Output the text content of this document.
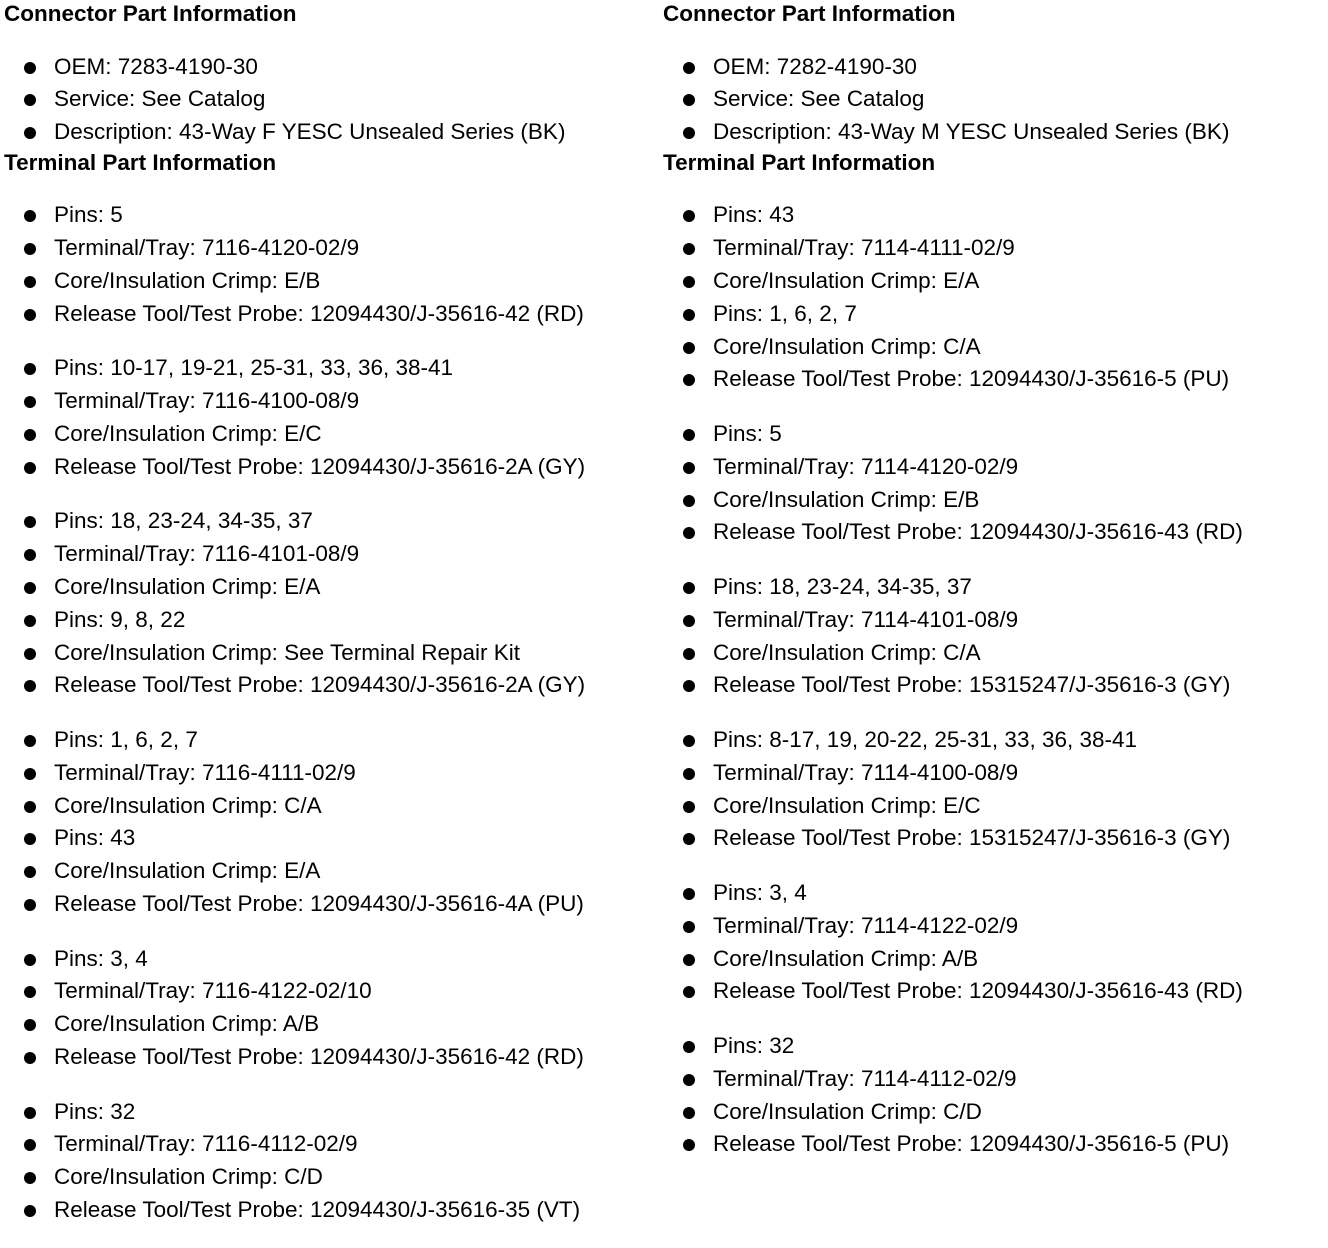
Connector Part Information
OEM: 7283-4190-30
Service: See Catalog
Description: 43-Way F YESC Unsealed Series (BK)
Terminal Part Information
Pins: 5
Terminal/Tray: 7116-4120-02/9
Core/Insulation Crimp: E/B
Release Tool/Test Probe: 12094430/J-35616-42 (RD)
Pins: 10-17, 19-21, 25-31, 33, 36, 38-41
Terminal/Tray: 7116-4100-08/9
Core/Insulation Crimp: E/C
Release Tool/Test Probe: 12094430/J-35616-2A (GY)
Pins: 18, 23-24, 34-35, 37
Terminal/Tray: 7116-4101-08/9
Core/Insulation Crimp: E/A
Pins: 9, 8, 22
Core/Insulation Crimp: See Terminal Repair Kit
Release Tool/Test Probe: 12094430/J-35616-2A (GY)
Pins: 1, 6, 2, 7
Terminal/Tray: 7116-4111-02/9
Core/Insulation Crimp: C/A
Pins: 43
Core/Insulation Crimp: E/A
Release Tool/Test Probe: 12094430/J-35616-4A (PU)
Pins: 3, 4
Terminal/Tray: 7116-4122-02/10
Core/Insulation Crimp: A/B
Release Tool/Test Probe: 12094430/J-35616-42 (RD)
Pins: 32
Terminal/Tray: 7116-4112-02/9
Core/Insulation Crimp: C/D
Release Tool/Test Probe: 12094430/J-35616-35 (VT)
Connector Part Information
OEM: 7282-4190-30
Service: See Catalog
Description: 43-Way M YESC Unsealed Series (BK)
Terminal Part Information
Pins: 43
Terminal/Tray: 7114-4111-02/9
Core/Insulation Crimp: E/A
Pins: 1, 6, 2, 7
Core/Insulation Crimp: C/A
Release Tool/Test Probe: 12094430/J-35616-5 (PU)
Pins: 5
Terminal/Tray: 7114-4120-02/9
Core/Insulation Crimp: E/B
Release Tool/Test Probe: 12094430/J-35616-43 (RD)
Pins: 18, 23-24, 34-35, 37
Terminal/Tray: 7114-4101-08/9
Core/Insulation Crimp: C/A
Release Tool/Test Probe: 15315247/J-35616-3 (GY)
Pins: 8-17, 19, 20-22, 25-31, 33, 36, 38-41
Terminal/Tray: 7114-4100-08/9
Core/Insulation Crimp: E/C
Release Tool/Test Probe: 15315247/J-35616-3 (GY)
Pins: 3, 4
Terminal/Tray: 7114-4122-02/9
Core/Insulation Crimp: A/B
Release Tool/Test Probe: 12094430/J-35616-43 (RD)
Pins: 32
Terminal/Tray: 7114-4112-02/9
Core/Insulation Crimp: C/D
Release Tool/Test Probe: 12094430/J-35616-5 (PU)
